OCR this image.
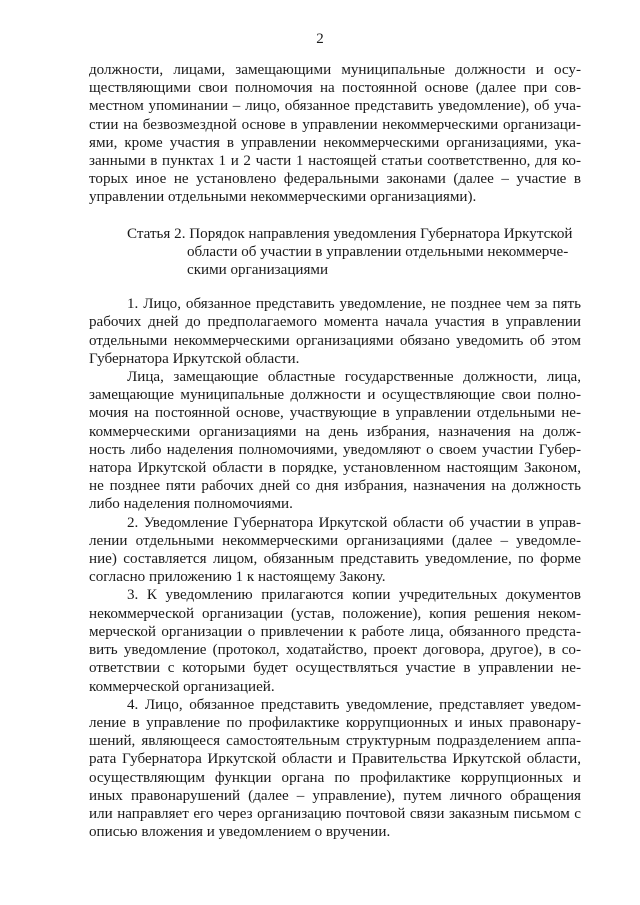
2
должности, лицами, замещающими муниципальные должности и осу-
ществляющими свои полномочия на постоянной основе (далее при сов-
местном упоминании – лицо, обязанное представить уведомление), об уча-
стии на безвозмездной основе в управлении некоммерческими организаци-
ями, кроме участия в управлении некоммерческими организациями, ука-
занными в пунктах 1 и 2 части 1 настоящей статьи соответственно, для ко-
торых иное не установлено федеральными законами (далее – участие в
управлении отдельными некоммерческими организациями).
Статья 2. Порядок направления уведомления Губернатора Иркутской
области об участии в управлении отдельными некоммерче-
скими организациями
1. Лицо, обязанное представить уведомление, не позднее чем за пять
рабочих дней до предполагаемого момента начала участия в управлении
отдельными некоммерческими организациями обязано уведомить об этом
Губернатора Иркутской области.
Лица, замещающие областные государственные должности, лица,
замещающие муниципальные должности и осуществляющие свои полно-
мочия на постоянной основе, участвующие в управлении отдельными не-
коммерческими организациями на день избрания, назначения на долж-
ность либо наделения полномочиями, уведомляют о своем участии Губер-
натора Иркутской области в порядке, установленном настоящим Законом,
не позднее пяти рабочих дней со дня избрания, назначения на должность
либо наделения полномочиями.
2. Уведомление Губернатора Иркутской области об участии в управ-
лении отдельными некоммерческими организациями (далее – уведомле-
ние) составляется лицом, обязанным представить уведомление, по форме
согласно приложению 1 к настоящему Закону.
3. К уведомлению прилагаются копии учредительных документов
некоммерческой организации (устав, положение), копия решения неком-
мерческой организации о привлечении к работе лица, обязанного предста-
вить уведомление (протокол, ходатайство, проект договора, другое), в со-
ответствии с которыми будет осуществляться участие в управлении не-
коммерческой организацией.
4. Лицо, обязанное представить уведомление, представляет уведом-
ление в управление по профилактике коррупционных и иных правонару-
шений, являющееся самостоятельным структурным подразделением аппа-
рата Губернатора Иркутской области и Правительства Иркутской области,
осуществляющим функции органа по профилактике коррупционных и
иных правонарушений (далее – управление), путем личного обращения
или направляет его через организацию почтовой связи заказным письмом с
описью вложения и уведомлением о вручении.
